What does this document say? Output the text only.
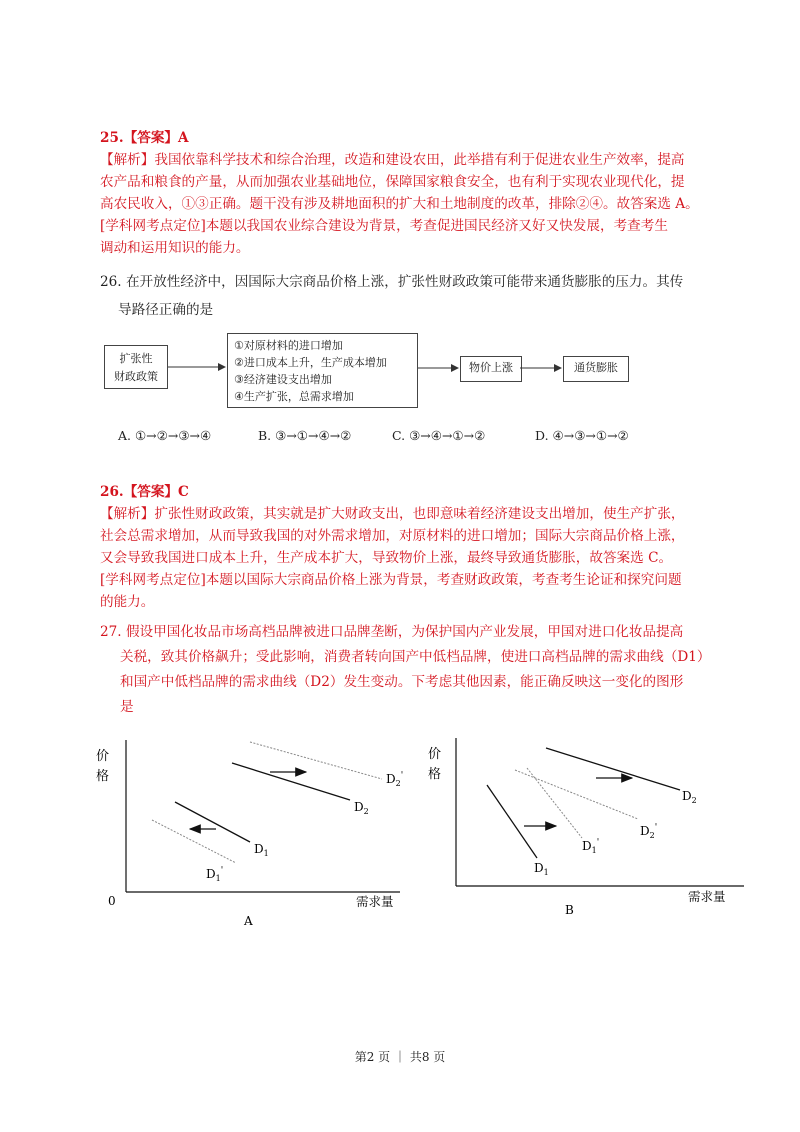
25.【答案】A
【解析】我国依靠科学技术和综合治理，改造和建设农田，此举措有利于促进农业生产效率，提高
农产品和粮食的产量，从而加强农业基础地位，保障国家粮食安全，也有利于实现农业现代化，提
高农民收入，①③正确。题干没有涉及耕地面积的扩大和土地制度的改革，排除②④。故答案选 A。
[学科网考点定位]本题以我国农业综合建设为背景，考查促进国民经济又好又快发展，考查考生
调动和运用知识的能力。
26. 在开放性经济中，因国际大宗商品价格上涨，扩张性财政政策可能带来通货膨胀的压力。其传
导路径正确的是
扩张性
财政政策
①对原材料的进口增加
②进口成本上升，生产成本增加
③经济建设支出增加
④生产扩张，总需求增加
物价上涨	通货膨胀
A. ①→②→③→④	B. ③→①→④→②	C. ③→④→①→②	D. ④→③→①→②
26.【答案】C
【解析】扩张性财政政策，其实就是扩大财政支出，也即意味着经济建设支出增加，使生产扩张，
社会总需求增加，从而导致我国的对外需求增加，对原材料的进口增加；国际大宗商品价格上涨，
又会导致我国进口成本上升，生产成本扩大，导致物价上涨，最终导致通货膨胀，故答案选 C。
[学科网考点定位]本题以国际大宗商品价格上涨为背景，考查财政政策，考查考生论证和探究问题
的能力。
27. 假设甲国化妆品市场高档品牌被进口品牌垄断，为保护国内产业发展，甲国对进口化妆品提高
关税，致其价格飙升；受此影响，消费者转向国产中低档品牌，使进口高档品牌的需求曲线（D1）
和国产中低档品牌的需求曲线（D2）发生变动。下考虑其他因素，能正确反映这一变化的图形
是
价
格
0	需求量
A
$D_2$
$D_2'$
$D_1$
$D_1'$
价
格
需求量
B
$D_2$
$D_2'$
$D_1$
$D_1'$
第2 页 ｜ 共8 页
